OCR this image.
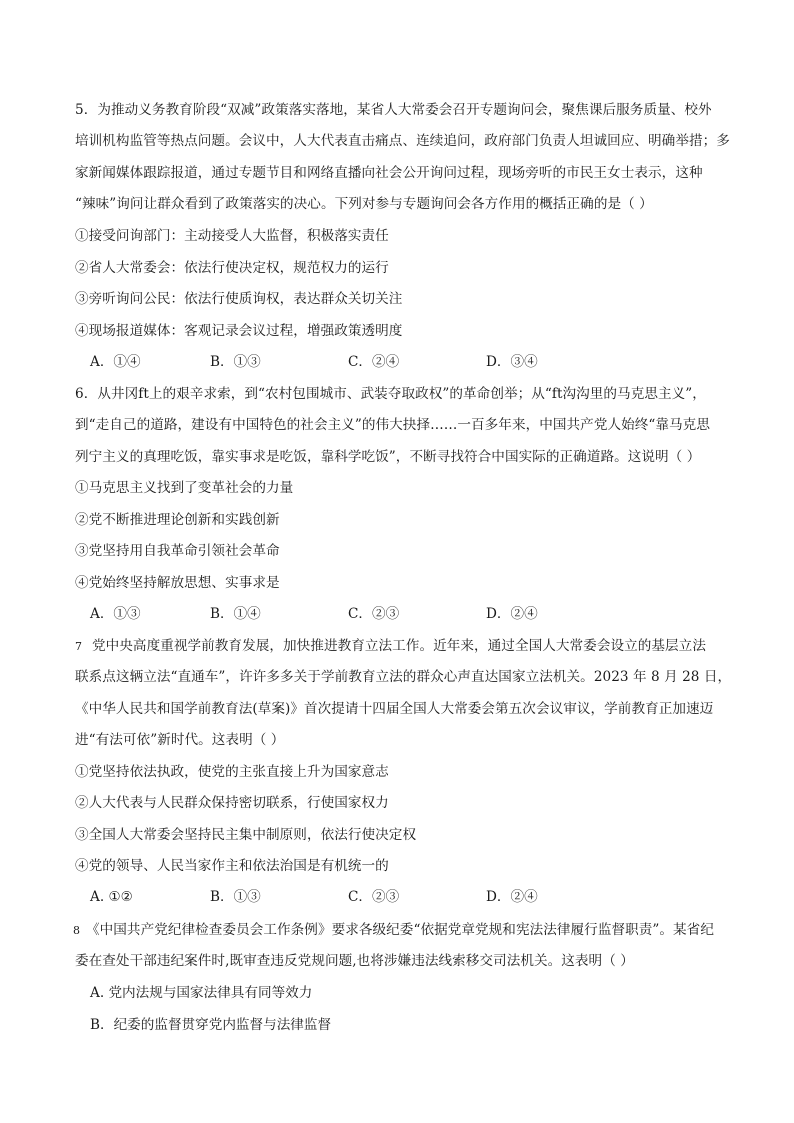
5．为推动义务教育阶段“双减”政策落实落地，某省人大常委会召开专题询问会，聚焦课后服务质量、校外
培训机构监管等热点问题。会议中，人大代表直击痛点、连续追问，政府部门负责人坦诚回应、明确举措；多
家新闻媒体跟踪报道，通过专题节目和网络直播向社会公开询问过程，现场旁听的市民王女士表示，这种
“辣味”询问让群众看到了政策落实的决心。下列对参与专题询问会各方作用的概括正确的是（ ）
①接受问询部门：主动接受人大监督，积极落实责任
②省人大常委会：依法行使决定权，规范权力的运行
③旁听询问公民：依法行使质询权，表达群众关切关注
④现场报道媒体：客观记录会议过程，增强政策透明度
A．①④	B．①③	C．②④	D．③④
6．从井冈ft上的艰辛求索，到“农村包围城市、武装夺取政权”的革命创举；从“ft沟沟里的马克思主义”，
到“走自己的道路，建设有中国特色的社会主义”的伟大抉择……一百多年来，中国共产党人始终“靠马克思
列宁主义的真理吃饭，靠实事求是吃饭，靠科学吃饭”，不断寻找符合中国实际的正确道路。这说明（ ）
①马克思主义找到了变革社会的力量
②党不断推进理论创新和实践创新
③党坚持用自我革命引领社会革命
④党始终坚持解放思想、实事求是
A．①③	B．①④	C．②③	D．②④
7 党中央高度重视学前教育发展，加快推进教育立法工作。近年来，通过全国人大常委会设立的基层立法
联系点这辆立法“直通车”，许许多多关于学前教育立法的群众心声直达国家立法机关。2023 年 8 月 28 日，
《中华人民共和国学前教育法(草案)》首次提请十四届全国人大常委会第五次会议审议，学前教育正加速迈
进“有法可依”新时代。这表明（ ）
①党坚持依法执政，使党的主张直接上升为国家意志
②人大代表与人民群众保持密切联系，行使国家权力
③全国人大常委会坚持民主集中制原则，依法行使决定权
④党的领导、人民当家作主和依法治国是有机统一的
A. ①②	B．①③	C．②③	D．②④
8 《中国共产党纪律检查委员会工作条例》要求各级纪委“依据党章党规和宪法法律履行监督职责”。某省纪
委在查处干部违纪案件时,既审查违反党规问题,也将涉嫌违法线索移交司法机关。这表明（ ）
A. 党内法规与国家法律具有同等效力
B．纪委的监督贯穿党内监督与法律监督
